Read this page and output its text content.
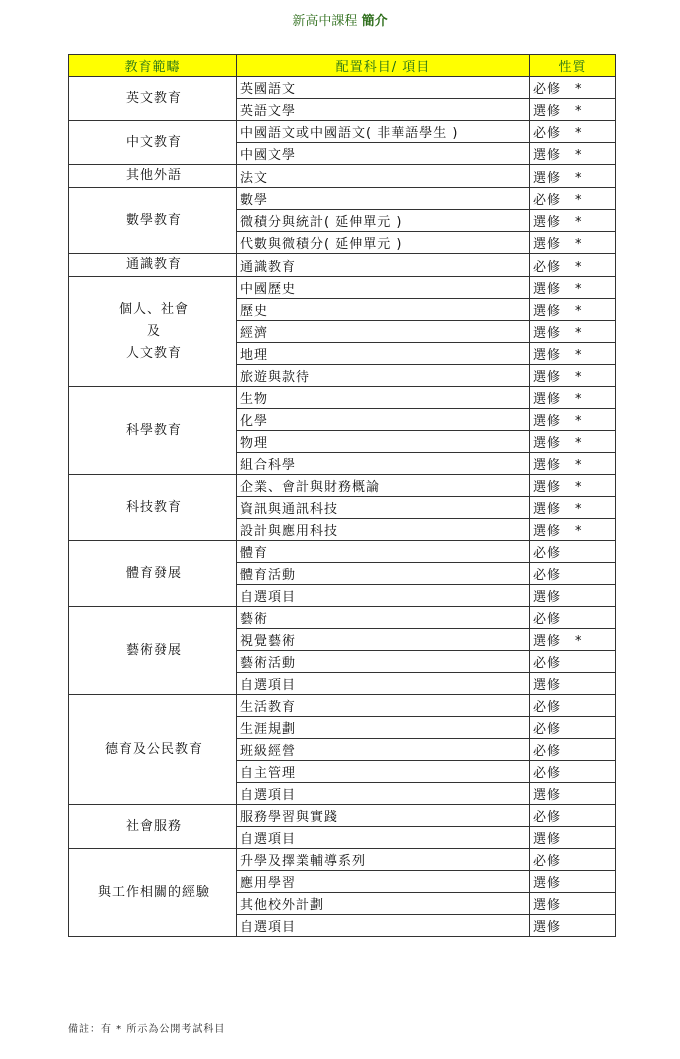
新高中課程 簡介
教育範疇	配置科目/ 項目	性質

英文教育	英國語文	必修 *
	英語文學	選修 *

中文教育	中國語文或中國語文( 非華語學生 )	必修 *
	中國文學	選修 *

其他外語	法文	選修 *

數學教育	數學	必修 *
	微積分與統計( 延伸單元 )	選修 *
	代數與微積分( 延伸單元 )	選修 *

通識教育	通識教育	必修 *

個人、社會
及
人文教育	中國歷史	選修 *
	歷史	選修 *
	經濟	選修 *
	地理	選修 *
	旅遊與款待	選修 *

科學教育	生物	選修 *
	化學	選修 *
	物理	選修 *
	組合科學	選修 *

科技教育	企業、會計與財務概論	選修 *
	資訊與通訊科技	選修 *
	設計與應用科技	選修 *

體育發展	體育	必修
	體育活動	必修
	自選項目	選修

藝術發展	藝術	必修
	視覺藝術	選修 *
	藝術活動	必修
	自選項目	選修

德育及公民教育	生活教育	必修
	生涯規劃	必修
	班級經營	必修
	自主管理	必修
	自選項目	選修

社會服務	服務學習與實踐	必修
	自選項目	選修

與工作相關的經驗	升學及擇業輔導系列	必修
	應用學習	選修
	其他校外計劃	選修
	自選項目	選修
備註：有 * 所示為公開考試科目
